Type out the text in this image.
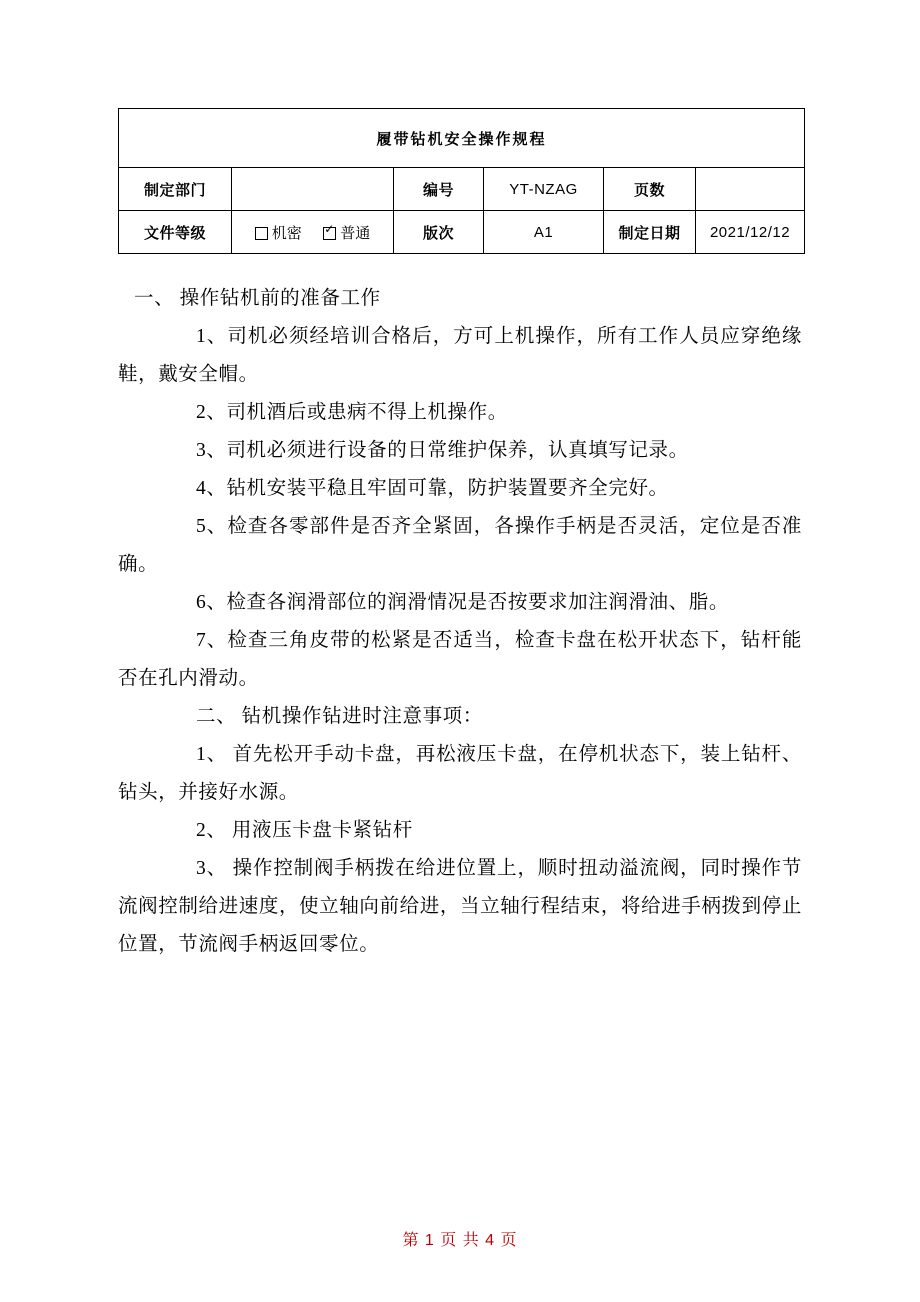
履带钻机安全操作规程					
制定部门		编号	YT-NZAG	页数	
文件等级	机密 ✓ 普通	版次	A1	制定日期	2021/12/12

一、 操作钻机前的准备工作

1、司机必须经培训合格后，方可上机操作，所有工作人员应穿绝缘鞋，戴安全帽。

2、司机酒后或患病不得上机操作。

3、司机必须进行设备的日常维护保养，认真填写记录。

4、钻机安装平稳且牢固可靠，防护装置要齐全完好。

5、检查各零部件是否齐全紧固，各操作手柄是否灵活，定位是否准确。

6、检查各润滑部位的润滑情况是否按要求加注润滑油、脂。

7、检查三角皮带的松紧是否适当，检查卡盘在松开状态下，钻杆能否在孔内滑动。

二、 钻机操作钻进时注意事项：

1、 首先松开手动卡盘，再松液压卡盘，在停机状态下，装上钻杆、钻头，并接好水源。

2、 用液压卡盘卡紧钻杆

3、 操作控制阀手柄拨在给进位置上，顺时扭动溢流阀，同时操作节流阀控制给进速度，使立轴向前给进，当立轴行程结束，将给进手柄拨到停止位置，节流阀手柄返回零位。

第 1 页 共 4 页
